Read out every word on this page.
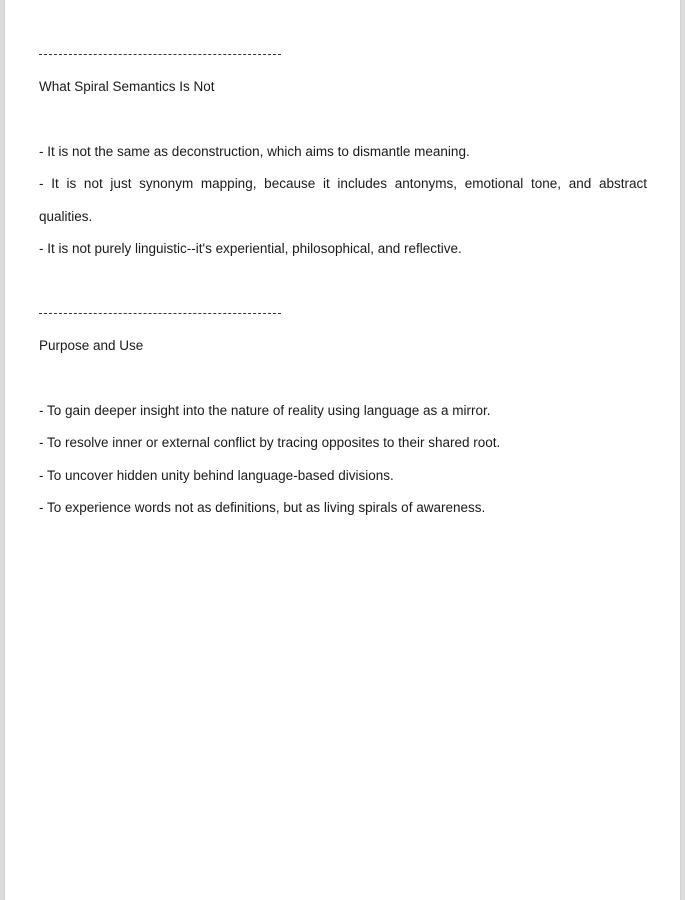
What Spiral Semantics Is Not
- It is not the same as deconstruction, which aims to dismantle meaning.
- It is not just synonym mapping, because it includes antonyms, emotional tone, and abstract
qualities.
- It is not purely linguistic--it's experiential, philosophical, and reflective.
Purpose and Use
- To gain deeper insight into the nature of reality using language as a mirror.
- To resolve inner or external conflict by tracing opposites to their shared root.
- To uncover hidden unity behind language-based divisions.
- To experience words not as definitions, but as living spirals of awareness.
